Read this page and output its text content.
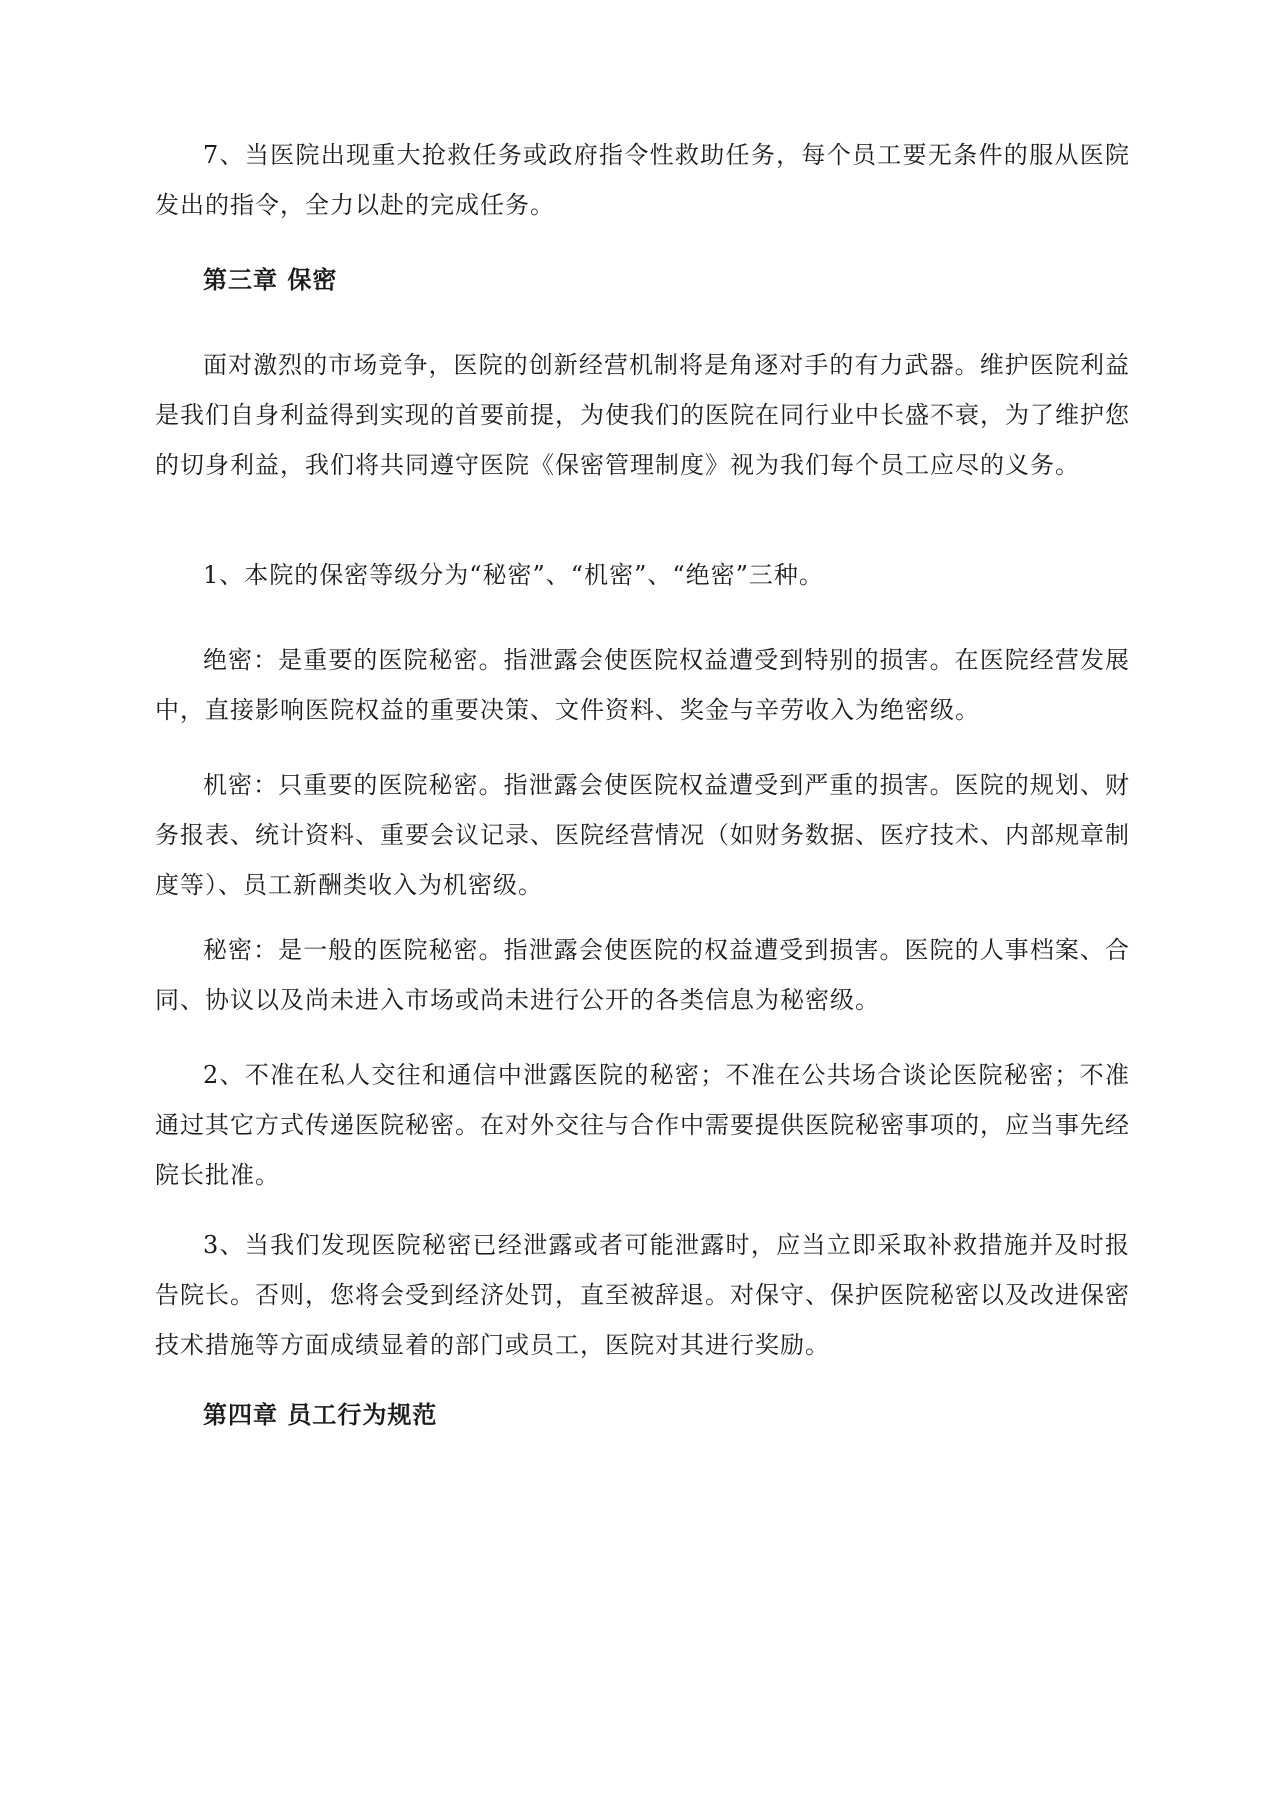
7、当医院出现重大抢救任务或政府指令性救助任务，每个员工要无条件的服从医院发出的指令，全力以赴的完成任务。

第三章 保密

面对激烈的市场竞争，医院的创新经营机制将是角逐对手的有力武器。维护医院利益是我们自身利益得到实现的首要前提，为使我们的医院在同行业中长盛不衰，为了维护您的切身利益，我们将共同遵守医院《保密管理制度》视为我们每个员工应尽的义务。

1、本院的保密等级分为“秘密”、“机密”、“绝密”三种。

绝密：是重要的医院秘密。指泄露会使医院权益遭受到特别的损害。在医院经营发展中，直接影响医院权益的重要决策、文件资料、奖金与辛劳收入为绝密级。

机密：只重要的医院秘密。指泄露会使医院权益遭受到严重的损害。医院的规划、财务报表、统计资料、重要会议记录、医院经营情况（如财务数据、医疗技术、内部规章制度等）、员工新酬类收入为机密级。

秘密：是一般的医院秘密。指泄露会使医院的权益遭受到损害。医院的人事档案、合同、协议以及尚未进入市场或尚未进行公开的各类信息为秘密级。

2、不准在私人交往和通信中泄露医院的秘密；不准在公共场合谈论医院秘密；不准通过其它方式传递医院秘密。在对外交往与合作中需要提供医院秘密事项的，应当事先经院长批准。

3、当我们发现医院秘密已经泄露或者可能泄露时，应当立即采取补救措施并及时报告院长。否则，您将会受到经济处罚，直至被辞退。对保守、保护医院秘密以及改进保密技术措施等方面成绩显着的部门或员工，医院对其进行奖励。

第四章 员工行为规范
